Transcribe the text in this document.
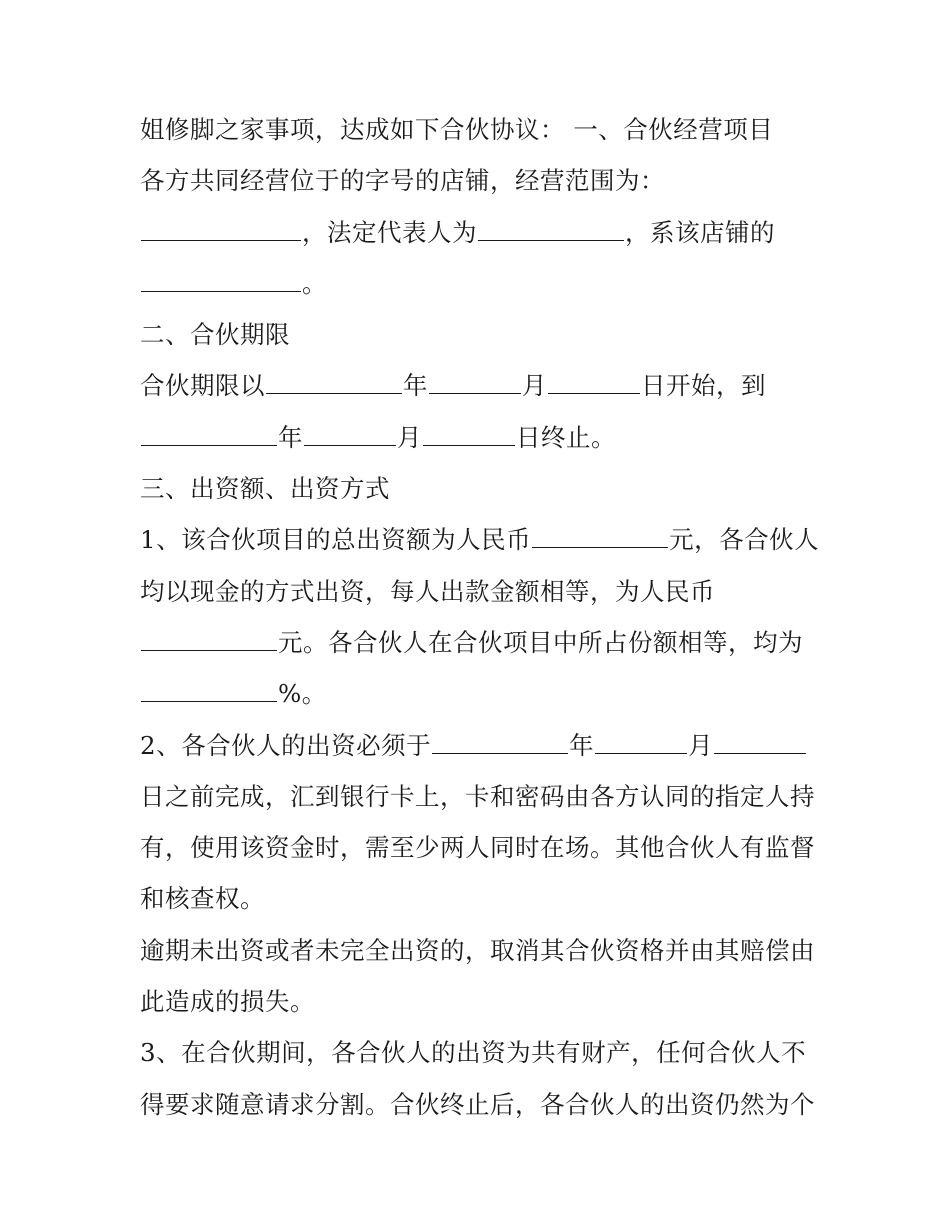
姐修脚之家事项，达成如下合伙协议： 一、合伙经营项目
各方共同经营位于的字号的店铺，经营范围为：
，法定代表人为	，系该店铺的
。
二、合伙期限
合伙期限以	年	月	日开始，到
年	月	日终止。
三、出资额、出资方式
1、该合伙项目的总出资额为人民币	元，各合伙人
均以现金的方式出资，每人出款金额相等，为人民币
元。各合伙人在合伙项目中所占份额相等，均为
%。
2、各合伙人的出资必须于	年	月
日之前完成，汇到银行卡上，卡和密码由各方认同的指定人持
有，使用该资金时，需至少两人同时在场。其他合伙人有监督
和核查权。
逾期未出资或者未完全出资的，取消其合伙资格并由其赔偿由
此造成的损失。
3、在合伙期间，各合伙人的出资为共有财产，任何合伙人不
得要求随意请求分割。合伙终止后，各合伙人的出资仍然为个
